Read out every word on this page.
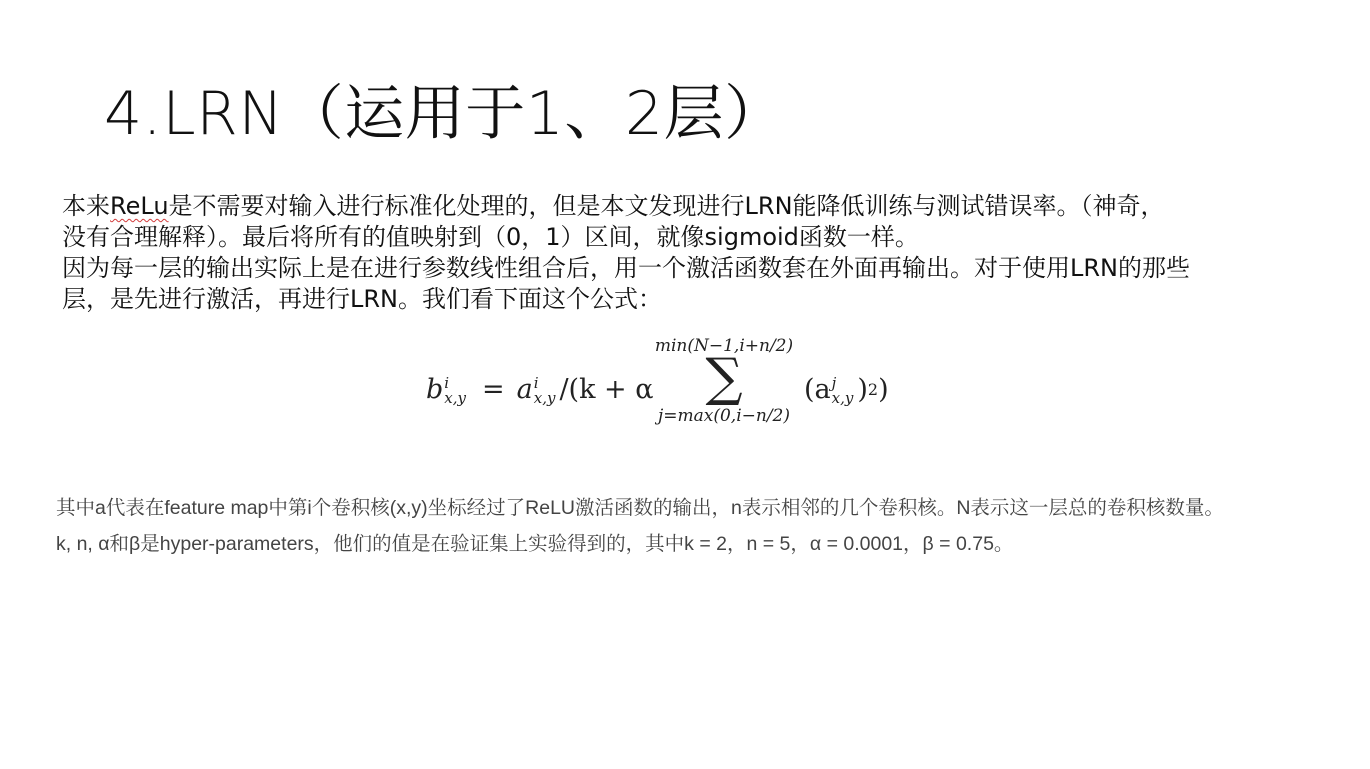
4.LRN（运用于1、2层）

本来ReLu是不需要对输入进行标准化处理的，但是本文发现进行LRN能降低训练与测试错误率。（神奇，

没有合理解释）。最后将所有的值映射到（0，1）区间，就像sigmoid函数一样。

因为每一层的输出实际上是在进行参数线性组合后，用一个激活函数套在外面再输出。对于使用LRN的那些

层，是先进行激活，再进行LRN。我们看下面这个公式：

b i
x,y = a i
x,y /(k + α
min(N−1,i+n/2)
∑
j=max(0,i−n/2)
(a j
x,y ) 2 )

其中a代表在feature map中第i个卷积核(x,y)坐标经过了ReLU激活函数的输出，n表示相邻的几个卷积核。N表示这一层总的卷积核数量。

k, n, α和β是hyper-parameters，他们的值是在验证集上实验得到的，其中k = 2，n = 5，α = 0.0001，β = 0.75。
